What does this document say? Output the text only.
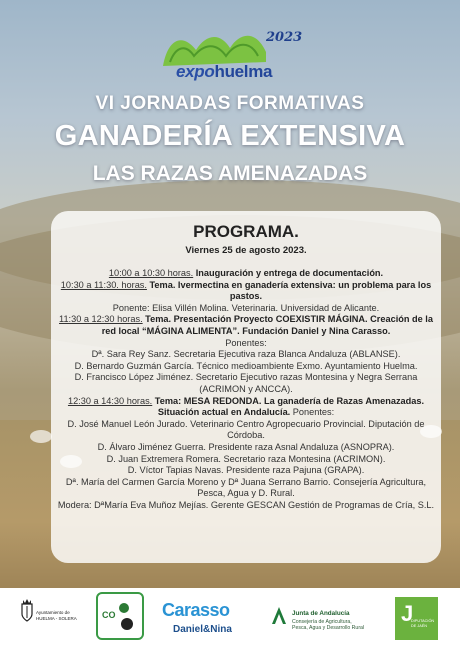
2023
expohuelma
VI JORNADAS FORMATIVAS
GANADERÍA EXTENSIVA
LAS RAZAS AMENAZADAS
PROGRAMA.
Viernes 25 de agosto 2023.
10:00 a 10:30 horas. Inauguración y entrega de documentación.
10:30 a 11:30. horas. Tema. Ivermectina en ganadería extensiva: un problema para los
pastos.
Ponente: Elisa Villén Molina. Veterinaria. Universidad de Alicante.
11:30 a 12:30 horas. Tema. Presentación Proyecto COEXISTIR MÁGINA. Creación de la
red local “MÁGINA ALIMENTA”. Fundación Daniel y Nina Carasso.
Ponentes:
Dª. Sara Rey Sanz. Secretaria Ejecutiva raza Blanca Andaluza (ABLANSE).
D. Bernardo Guzmán García. Técnico medioambiente Exmo. Ayuntamiento Huelma.
D. Francisco López Jiménez. Secretario Ejecutivo razas Montesina y Negra Serrana
(ACRIMON y ANCCA).
12:30 a 14:30 horas. Tema: MESA REDONDA. La ganadería de Razas Amenazadas.
Situación actual en Andalucía. Ponentes:
D. José Manuel León Jurado. Veterinario Centro Agropecuario Provincial. Diputación de
Córdoba.
D. Álvaro Jiménez Guerra. Presidente raza Asnal Andaluza (ASNOPRA).
D. Juan Extremera Romera. Secretario raza Montesina (ACRIMON).
D. Víctor Tapias Navas. Presidente raza Pajuna (GRAPA).
Dª. María del Carmen García Moreno y Dª Juana Serrano Barrio. Consejería Agricultura,
Pesca, Agua y D. Rural.
Modera: DªMaría Eva Muñoz Mejías. Gerente GESCAN Gestión de Programas de Cría, S.L.
Ayuntamiento de
HUELMA - SOLERA	CO	Carasso
Daniel&Nina
Junta de Andalucía
Consejería de Agricultura,
Pesca, Agua y Desarrollo Rural
J
DIPUTACIÓN
DE JAÉN
